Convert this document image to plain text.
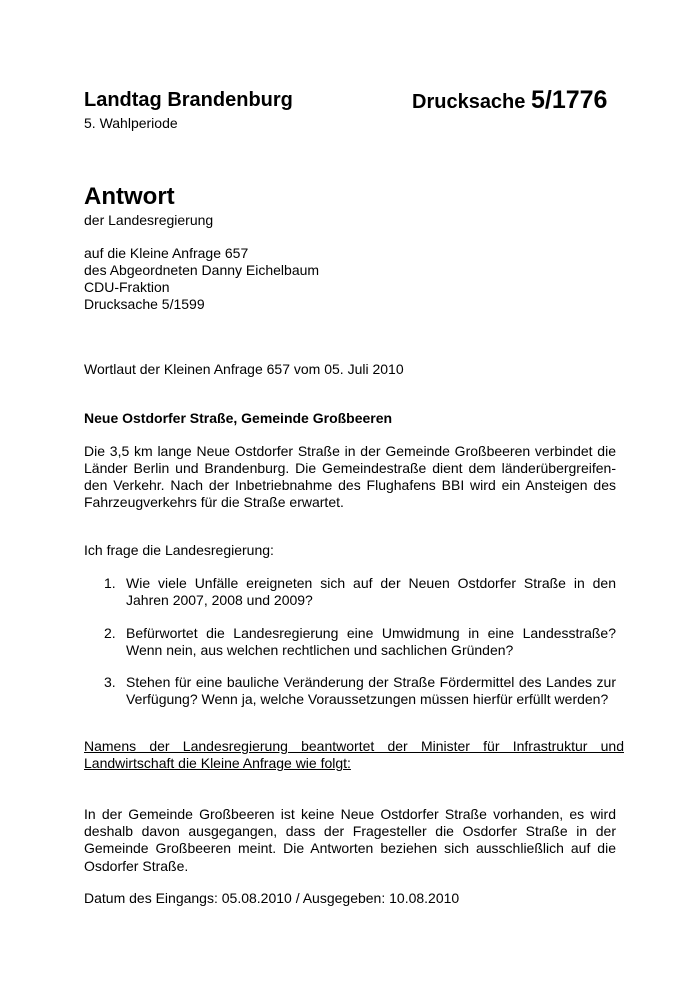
Landtag Brandenburg	Drucksache 5/1776
5. Wahlperiode
Antwort
der Landesregierung
auf die Kleine Anfrage 657
des Abgeordneten Danny Eichelbaum
CDU-Fraktion
Drucksache 5/1599
Wortlaut der Kleinen Anfrage 657 vom 05. Juli 2010
Neue Ostdorfer Straße, Gemeinde Großbeeren
Die 3,5 km lange Neue Ostdorfer Straße in der Gemeinde Großbeeren verbindet die
Länder Berlin und Brandenburg. Die Gemeindestraße dient dem länderübergreifen-
den Verkehr. Nach der Inbetriebnahme des Flughafens BBI wird ein Ansteigen des
Fahrzeugverkehrs für die Straße erwartet.
Ich frage die Landesregierung:
1. Wie viele Unfälle ereigneten sich auf der Neuen Ostdorfer Straße in den Jahren 2007, 2008 und 2009?
2. Befürwortet die Landesregierung eine Umwidmung in eine Landesstraße? Wenn nein, aus welchen rechtlichen und sachlichen Gründen?
3. Stehen für eine bauliche Veränderung der Straße Fördermittel des Landes zur Verfügung? Wenn ja, welche Voraussetzungen müssen hierfür erfüllt werden?
Namens der Landesregierung beantwortet der Minister für Infrastruktur und Landwirtschaft die Kleine Anfrage wie folgt:
In der Gemeinde Großbeeren ist keine Neue Ostdorfer Straße vorhanden, es wird deshalb davon ausgegangen, dass der Fragesteller die Osdorfer Straße in der Gemeinde Großbeeren meint. Die Antworten beziehen sich ausschließlich auf die Osdorfer Straße.
Datum des Eingangs: 05.08.2010 / Ausgegeben: 10.08.2010
